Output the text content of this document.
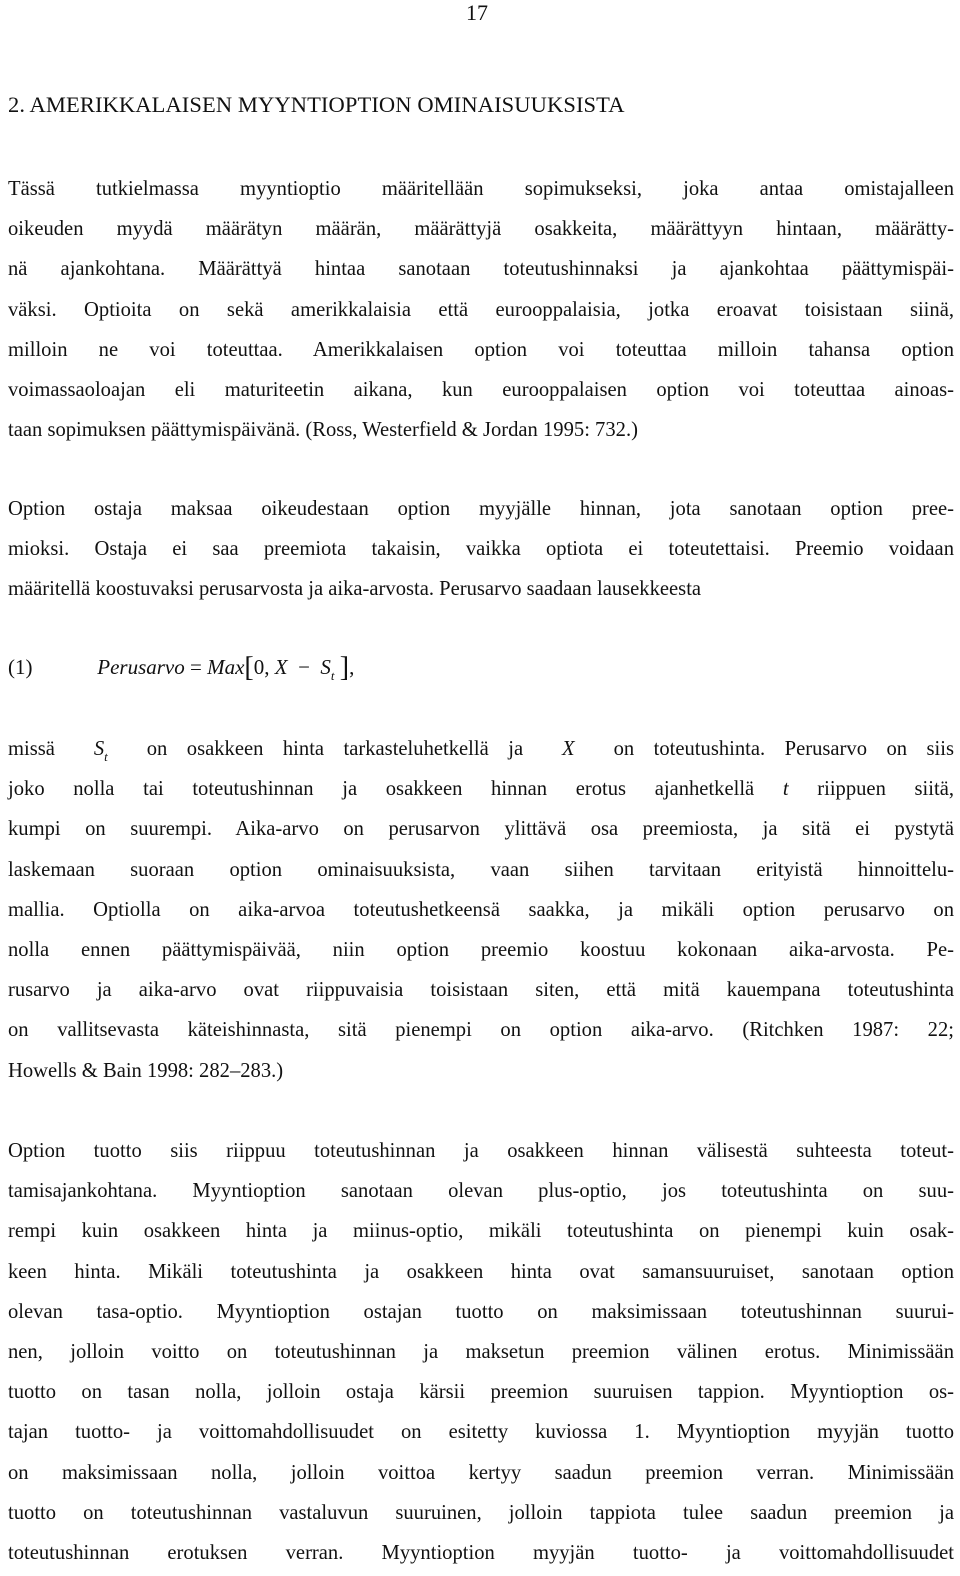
17
2. AMERIKKALAISEN MYYNTIOPTION OMINAISUUKSISTA
Tässä tutkielmassa myyntioptio määritellään sopimukseksi, joka antaa omistajalleen
oikeuden myydä määrätyn määrän, määrättyjä osakkeita, määrättyyn hintaan, määrätty-
nä ajankohtana. Määrättyä hintaa sanotaan toteutushinnaksi ja ajankohtaa päättymispäi-
väksi. Optioita on sekä amerikkalaisia että eurooppalaisia, jotka eroavat toisistaan siinä,
milloin ne voi toteuttaa. Amerikkalaisen option voi toteuttaa milloin tahansa option
voimassaoloajan eli maturiteetin aikana, kun eurooppalaisen option voi toteuttaa ainoas-
taan sopimuksen päättymispäivänä. (Ross, Westerfield & Jordan 1995: 732.)
Option ostaja maksaa oikeudestaan option myyjälle hinnan, jota sanotaan option pree-
mioksi. Ostaja ei saa preemiota takaisin, vaikka optiota ei toteutettaisi. Preemio voidaan
määritellä koostuvaksi perusarvosta ja aika-arvosta. Perusarvo saadaan lausekkeesta
(1)	Perusarvo = Max[0, $X - S_t$ ],
missä $S_t$ on osakkeen hinta tarkasteluhetkellä ja X on toteutushinta. Perusarvo on siis
joko nolla tai toteutushinnan ja osakkeen hinnan erotus ajanhetkellä t riippuen siitä,
kumpi on suurempi. Aika-arvo on perusarvon ylittävä osa preemiosta, ja sitä ei pystytä
laskemaan suoraan option ominaisuuksista, vaan siihen tarvitaan erityistä hinnoittelu-
mallia. Optiolla on aika-arvoa toteutushetkeensä saakka, ja mikäli option perusarvo on
nolla ennen päättymispäivää, niin option preemio koostuu kokonaan aika-arvosta. Pe-
rusarvo ja aika-arvo ovat riippuvaisia toisistaan siten, että mitä kauempana toteutushinta
on vallitsevasta käteishinnasta, sitä pienempi on option aika-arvo. (Ritchken 1987: 22;
Howells & Bain 1998: 282–283.)
Option tuotto siis riippuu toteutushinnan ja osakkeen hinnan välisestä suhteesta toteut-
tamisajankohtana. Myyntioption sanotaan olevan plus-optio, jos toteutushinta on suu-
rempi kuin osakkeen hinta ja miinus-optio, mikäli toteutushinta on pienempi kuin osak-
keen hinta. Mikäli toteutushinta ja osakkeen hinta ovat samansuuruiset, sanotaan option
olevan tasa-optio. Myyntioption ostajan tuotto on maksimissaan toteutushinnan suurui-
nen, jolloin voitto on toteutushinnan ja maksetun preemion välinen erotus. Minimissään
tuotto on tasan nolla, jolloin ostaja kärsii preemion suuruisen tappion. Myyntioption os-
tajan tuotto- ja voittomahdollisuudet on esitetty kuviossa 1. Myyntioption myyjän tuotto
on maksimissaan nolla, jolloin voittoa kertyy saadun preemion verran. Minimissään
tuotto on toteutushinnan vastaluvun suuruinen, jolloin tappiota tulee saadun preemion ja
toteutushinnan erotuksen verran. Myyntioption myyjän tuotto- ja voittomahdollisuudet
